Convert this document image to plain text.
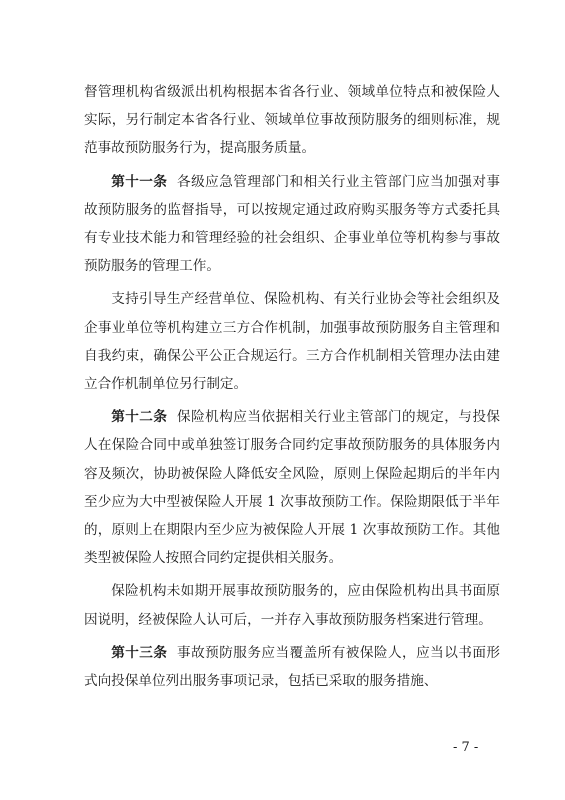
督管理机构省级派出机构根据本省各行业、领域单位特点和被保险人实际，另行制定本省各行业、领域单位事故预防服务的细则标准，规范事故预防服务行为，提高服务质量。

第十一条 各级应急管理部门和相关行业主管部门应当加强对事故预防服务的监督指导，可以按规定通过政府购买服务等方式委托具有专业技术能力和管理经验的社会组织、企事业单位等机构参与事故预防服务的管理工作。

支持引导生产经营单位、保险机构、有关行业协会等社会组织及企事业单位等机构建立三方合作机制，加强事故预防服务自主管理和自我约束，确保公平公正合规运行。三方合作机制相关管理办法由建立合作机制单位另行制定。

第十二条 保险机构应当依据相关行业主管部门的规定，与投保人在保险合同中或单独签订服务合同约定事故预防服务的具体服务内容及频次，协助被保险人降低安全风险，原则上保险起期后的半年内至少应为大中型被保险人开展 1 次事故预防工作。保险期限低于半年的，原则上在期限内至少应为被保险人开展 1 次事故预防工作。其他类型被保险人按照合同约定提供相关服务。

保险机构未如期开展事故预防服务的，应由保险机构出具书面原因说明，经被保险人认可后，一并存入事故预防服务档案进行管理。

第十三条 事故预防服务应当覆盖所有被保险人，应当以书面形式向投保单位列出服务事项记录，包括已采取的服务措施、

- 7 -
